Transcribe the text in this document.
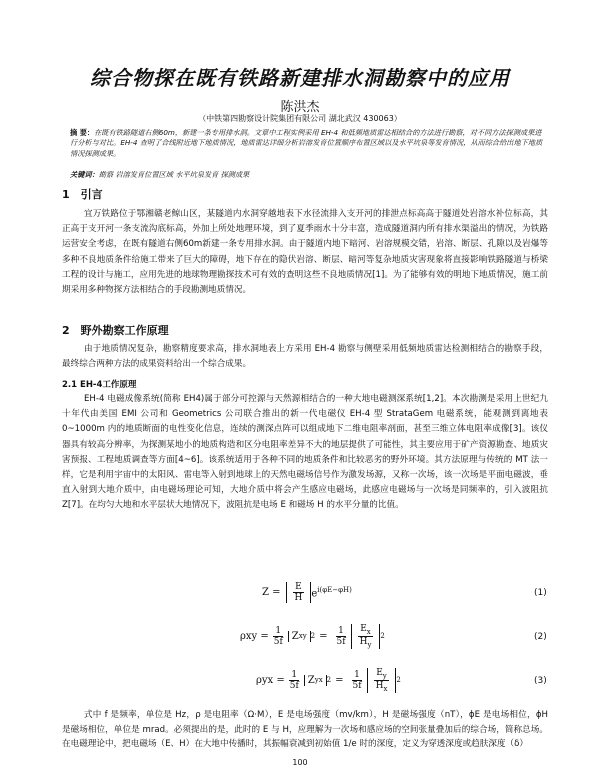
综合物探在既有铁路新建排水洞勘察中的应用
陈洪杰
（中铁第四勘察设计院集团有限公司 湖北武汉 430063）
摘 要：在既有铁路隧道右侧60m，新建一条专用排水洞。文章中工程实例采用 EH-4 和低频地质雷达相结合的方法进行勘察，对不同方法探测成果进行分析与对比。EH-4 查明了合线附近地下地质情况，地质雷达详细分析岩溶发育位置顺序布置区域以及水平坑泉等发育情况，从而综合给出地下地质情况探测成果。
关键词：勘察 岩溶发育位置区域 水平坑泉发育 探测成果
1　引言

宜万铁路位于鄂湘赣老鲸山区，某隧道内水洞穿越地表下水径流排入支开河的排泄点标高高于隧道处岩溶水补位标高，其正高于支开河一条支流沟底标高，外加上所处地理环境，到了夏季雨水十分丰富，造成隧道洞内所有排水渠溢出的情况，为铁路运营安全考虑，在既有隧道右侧60m新建一条专用排水洞。由于隧道内地下暗河、岩溶规模交错，岩溶、断层、孔隙以及岩爆等多种不良地质条件给施工带来了巨大的障碍，地下存在的隐伏岩溶、断层、暗河等复杂地质灾害现象将直接影响铁路隧道与桥梁工程的设计与施工，应用先进的地球物理勘探技术可有效的查明这些不良地质情况[1]。为了能够有效的明地下地质情况，施工前期采用多种物探方法相结合的手段勘测地质情况。

2　野外勘察工作原理

由于地质情况复杂，勘察精度要求高，排水洞地表上方采用 EH-4 勘察与侧壁采用低频地质雷达检测相结合的勘察手段，最终综合两种方法的成果资料给出一个综合成果。

2.1 EH-4工作原理

EH-4 电磁成像系统(简称 EH4)属于部分可控源与天然源相结合的一种大地电磁测深系统[1,2]。本次勘测是采用上世纪九十年代由美国 EMI 公司和 Geometrics 公司联合推出的新一代电磁仪 EH-4 型 StrataGem 电磁系统，能观测到离地表 0~1000m 内的地质断面的电性变化信息，连续的测深点阵可以组成地下二维电阻率剖面，甚至三维立体电阻率成像[3]。该仪器具有较高分辨率，为探测某地小的地质构造和区分电阻率差异不大的地层提供了可能性，其主要应用于矿产资源勘查、地质灾害预报、工程地质调查等方面[4~6]。该系统适用于各种不同的地质条件和比较恶劣的野外环境。其方法原理与传统的 MT 法一样，它是利用宇宙中的太阳风、雷电等入射到地球上的天然电磁场信号作为激发场源，又称一次场，该一次场是平面电磁波，垂直入射到大地介质中，由电磁场理论可知，大地介质中将会产生感应电磁场，此感应电磁场与一次场是同频率的，引入波阻抗 Z[7]。在均匀大地和水平层状大地情况下，波阻抗是电场 E 和磁场 H 的水平分量的比值。

$Z = \frac{E}{H} e^{i(\varphi E-\varphi H)}$	(1)
$\rho xy = \frac{1}{5f}$ Z xy $2 = \frac{1}{5f} \frac{E_x}{H_y} 2$	(2)
$\rho yx = \frac{1}{5f}$ Z yx $2 = \frac{1}{5f} \frac{E_y}{H_x} 2$	(3)

式中 f 是频率，单位是 Hz，ρ 是电阻率（Ω·M），E 是电场强度（mv/km），H 是磁场强度（nT），ϕE 是电场相位，ϕH 是磁场相位，单位是 mrad。必须提出的是，此时的 E 与 H，应理解为一次场和感应场的空间张量叠加后的综合场，简称总场。在电磁理论中，把电磁场（E、H）在大地中传播时，其振幅衰减到初始值 1/e 时的深度，定义为穿透深度或趋肤深度（δ）

100
